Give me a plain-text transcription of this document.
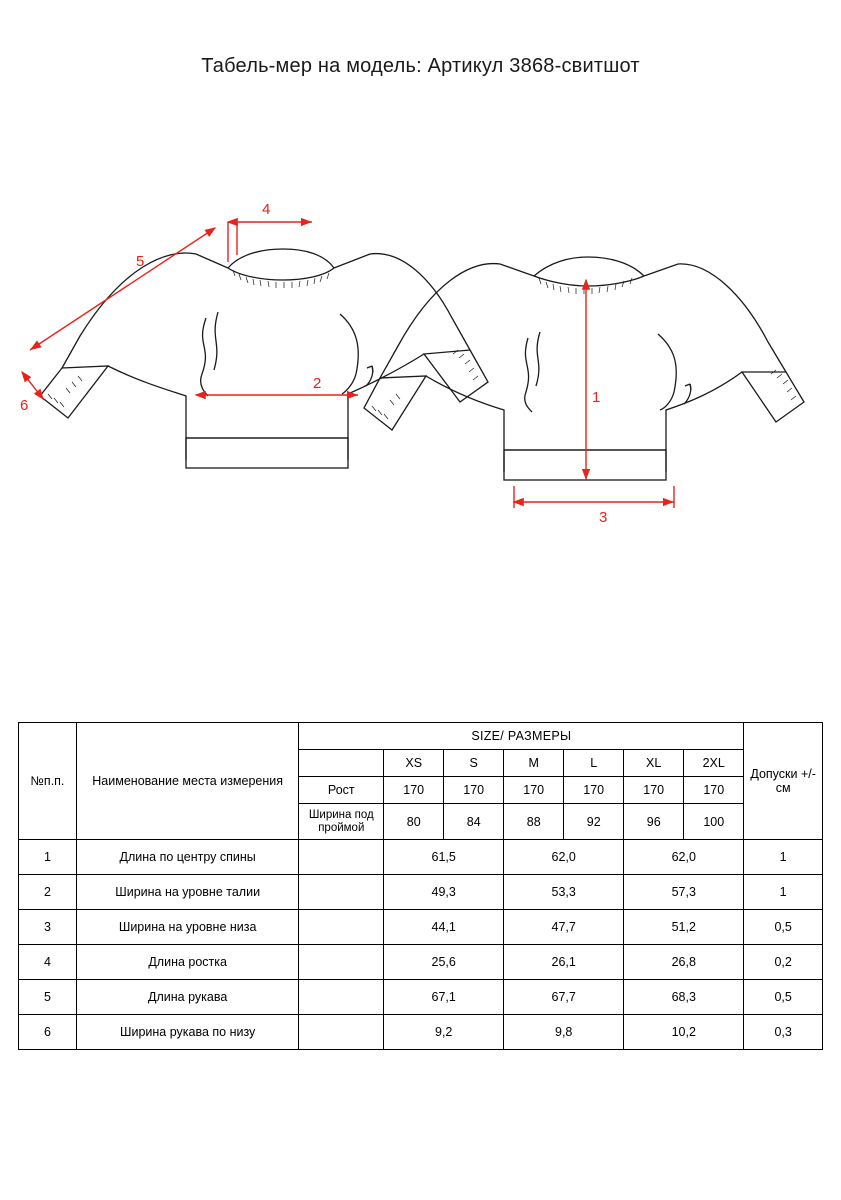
Табель-мер на модель: Артикул 3868-свитшот
5
4
6
2
1
3
№п.п.	Наименование места измерения	SIZE/ РАЗМЕРЫ							Допуски +/- см
			XS	S	M	L	XL	2XL	
		Рост	170	170	170	170	170	170	
		Ширина под проймой	80	84	88	92	96	100	
1	Длина по центру спины		61,5		62,0		62,0		1
2	Ширина на уровне талии		49,3		53,3		57,3		1
3	Ширина на уровне низа		44,1		47,7		51,2		0,5
4	Длина ростка		25,6		26,1		26,8		0,2
5	Длина рукава		67,1		67,7		68,3		0,5
6	Ширина рукава по низу		9,2		9,8		10,2		0,3
